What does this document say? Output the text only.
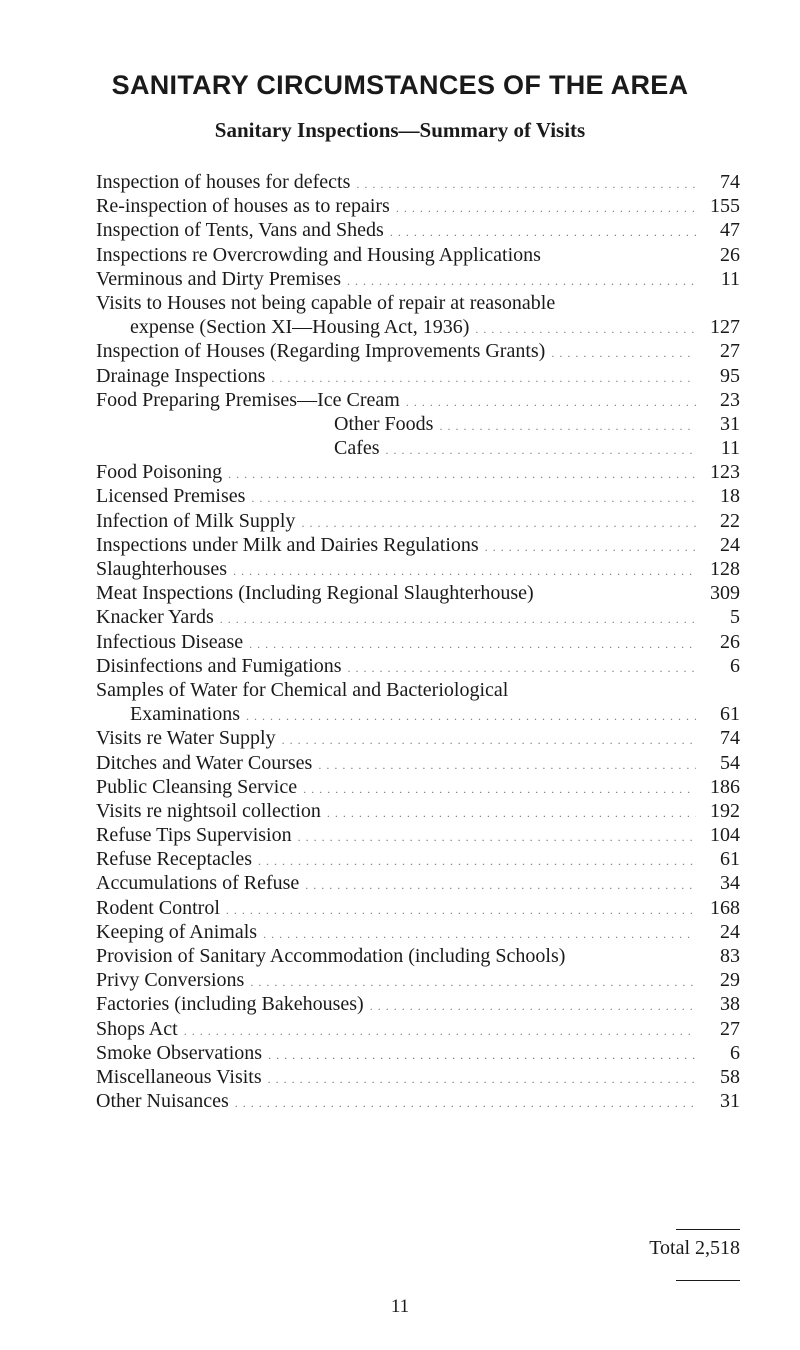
SANITARY CIRCUMSTANCES OF THE AREA
Sanitary Inspections—Summary of Visits
Inspection of houses for defects . . .	74
Re-inspection of houses as to repairs . . .	155
Inspection of Tents, Vans and Sheds . . .	47
Inspections re Overcrowding and Housing Applications	26
Verminous and Dirty Premises . . .	11
Visits to Houses not being capable of repair at reasonable
expense (Section XI—Housing Act, 1936) . . .	127
Inspection of Houses (Regarding Improvements Grants) . . .	27
Drainage Inspections . . .	95
Food Preparing Premises—Ice Cream . . .	23
Other Foods . . .	31
Cafes . . .	11
Food Poisoning . . .	123
Licensed Premises . . .	18
Infection of Milk Supply . . .	22
Inspections under Milk and Dairies Regulations . . .	24
Slaughterhouses . . .	128
Meat Inspections (Including Regional Slaughterhouse)	309
Knacker Yards . . .	5
Infectious Disease . . .	26
Disinfections and Fumigations . . .	6
Samples of Water for Chemical and Bacteriological
Examinations . . .	61
Visits re Water Supply . . .	74
Ditches and Water Courses . . .	54
Public Cleansing Service . . .	186
Visits re nightsoil collection . . .	192
Refuse Tips Supervision . . .	104
Refuse Receptacles . . .	61
Accumulations of Refuse . . .	34
Rodent Control . . .	168
Keeping of Animals . . .	24
Provision of Sanitary Accommodation (including Schools)	83
Privy Conversions . . .	29
Factories (including Bakehouses) . . .	38
Shops Act . . .	27
Smoke Observations . . .	6
Miscellaneous Visits . . .	58
Other Nuisances . . .	31
Total 2,518
11
